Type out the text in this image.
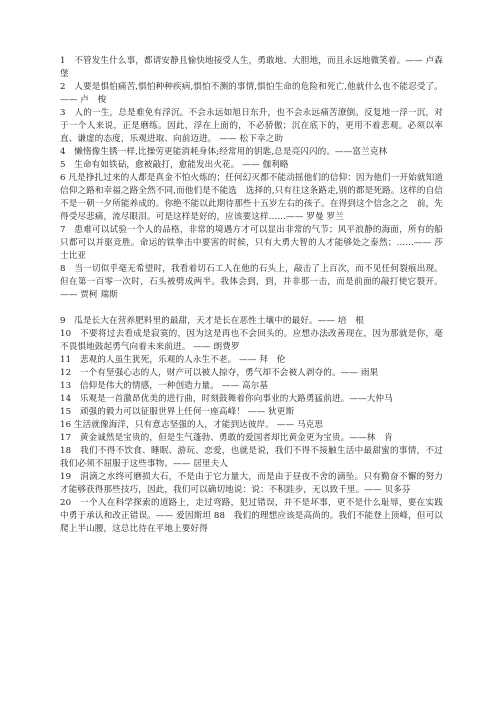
1　不管发生什么事，都请安静且愉快地接受人生，勇敢地、大胆地，而且永远地微笑着。—— 卢森堡

2　人要是惧怕痛苦,惧怕种种疾病,惧怕不测的事情,惧怕生命的危险和死亡,他就什么也不能忍受了。—— 卢　梭

3　人的一生，总是难免有浮沉。不会永远如旭日东升，也不会永远痛苦潦倒。反复地一浮一沉，对于一个人来说，正是磨练。因此，浮在上面的，不必骄傲；沉在底下的，更用不着悲观。必须以率直、谦虚的态度，乐观进取、向前迈进。 —— 松下幸之助

4　懒惰像生锈一样,比操劳更能消耗身体;经常用的钥匙,总是亮闪闪的。——富兰克林

5　生命有如铁砧，愈被敲打，愈能发出火花。 —— 伽利略

6 凡是挣扎过来的人都是真金不怕火炼的；任何幻灭都不能动摇他们的信仰：因为他们一开始就知道信仰之路和幸福之路全然不同,而他们是不能选　选择的,只有往这条路走,别的都是死路。这样的自信不是一朝一夕所能养成的。你绝不能以此期待那些十五岁左右的孩子。在得到这个信念之之　前，先得受尽悲痛，流尽眼泪。可是这样是好的，应该要这样……—— 罗曼 罗兰

7　患难可以试验一个人的品格，非常的境遇方才可以显出非常的气节；风平浪静的海面，所有的船只都可以并驱竞胜。命运的铁拳击中要害的时候，只有大勇大智的人才能够处之泰然；……—— 莎士比亚

8　当一切似乎毫无希望时，我看着切石工人在他的石头上，敲击了上百次，而不见任何裂痕出现。但在第一百零一次时，石头被劈成两半。我体会到，到，并非那一击，而是前面的敲打使它裂开。 —— 贾柯 瑞斯

9　瓜是长大在营养肥料里的最甜，天才是长在恶性土壤中的最好。—— 培　根

10　不要将过去看成是寂寞的，因为这是再也不会回头的。应想办法改善现在，因为那就是你，毫不畏惧地鼓起勇气向着未来前进。 —— 朗费罗

11　悲观的人虽生犹死，乐观的人永生不老。 —— 拜　伦

12　一个有坚强心志的人，财产可以被人掠夺，勇气却不会被人剥夺的。—— 雨果

13　信仰是伟大的情感，一种创造力量。 —— 高尔基

14　乐观是一首激昂优美的进行曲，时刻鼓舞着你向事业的大路勇猛前进。——大仲马

15　顽强的毅力可以征服世界上任何一座高峰！ —— 狄更斯

16 生活就像海洋，只有意志坚强的人，才能到达彼岸。 —— 马克思

17　黄金诚然是宝贵的，但是生气蓬勃、勇敢的爱国者却比黄金更为宝贵。——林　肯

18　我们不得不饮食、睡眠、游玩、恋爱，也就是说，我们不得不接触生活中最甜蜜的事情，不过我们必须不屈服于这些事物。—— 居里夫人

19　涓滴之水终可磨损大石，不是由于它力量大，而是由于昼夜不舍的滴坠。只有勤奋不懈的努力才能够获得那些技巧，因此，我们可以确切地说：说：不积跬步，无以致千里。—— 贝多芬

20　一个人在科学探索的道路上，走过弯路，犯过错误，并不是坏事，更不是什么耻辱，要在实践中勇于承认和改正错误。—— 爱因斯坦 88　我们的理想应该是高尚的。我们不能登上顶峰，但可以爬上半山腰，这总比待在平地上要好得
